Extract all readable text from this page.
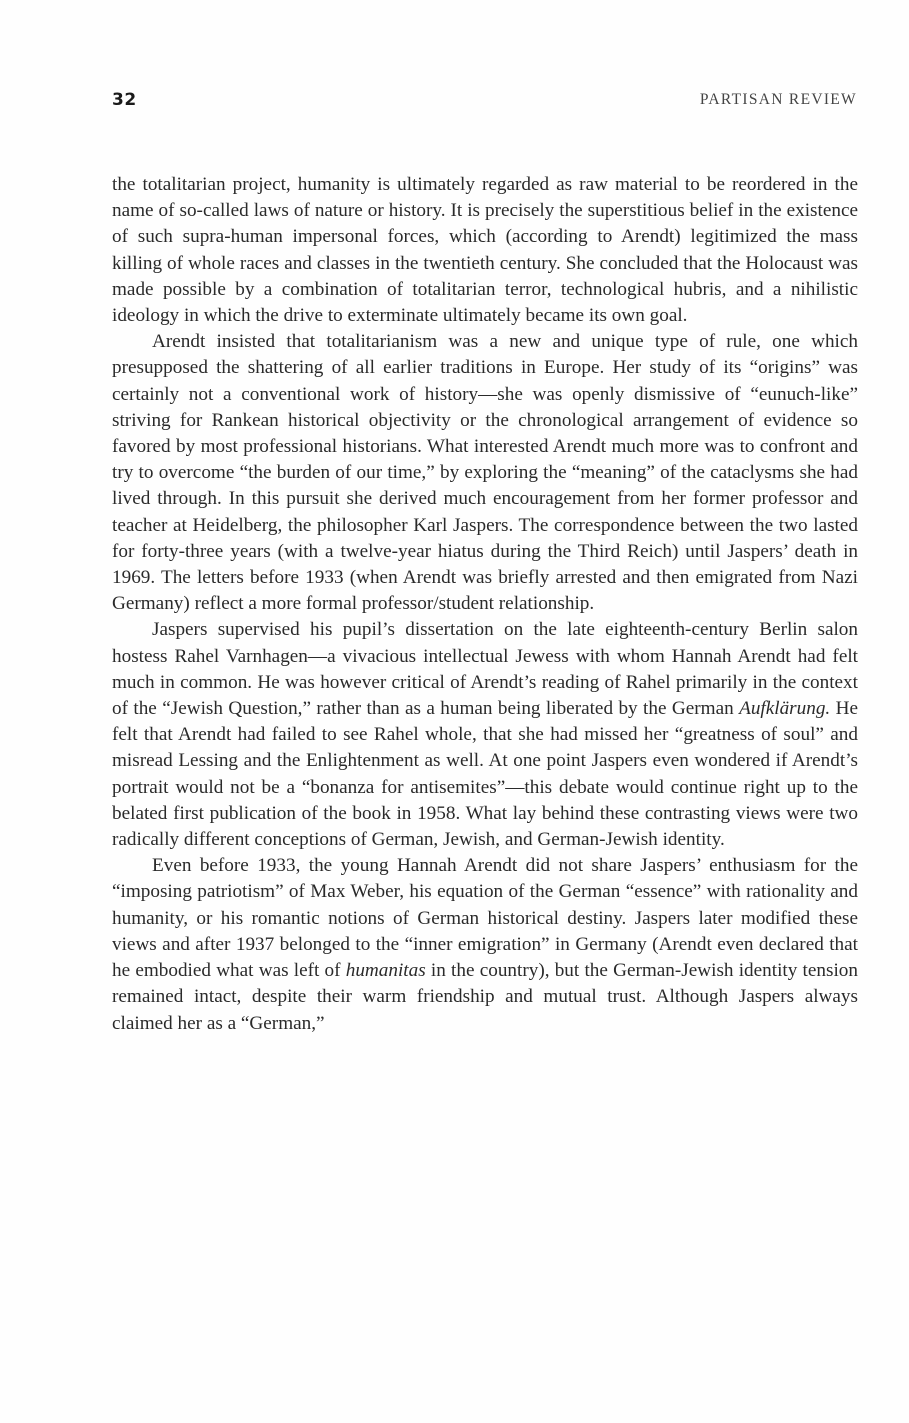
32	PARTISAN REVIEW

the totalitarian project, humanity is ultimately regarded as raw material to be reordered in the name of so-called laws of nature or history. It is precisely the superstitious belief in the existence of such supra-human impersonal forces, which (according to Arendt) legitimized the mass killing of whole races and classes in the twentieth century. She concluded that the Holocaust was made possible by a combination of totalitarian terror, technological hubris, and a nihilistic ideology in which the drive to exterminate ultimately became its own goal.

Arendt insisted that totalitarianism was a new and unique type of rule, one which presupposed the shattering of all earlier traditions in Europe. Her study of its “origins” was certainly not a conventional work of history—she was openly dismissive of “eunuch-like” striving for Rankean historical objectivity or the chronological arrangement of evidence so favored by most professional historians. What interested Arendt much more was to confront and try to overcome “the burden of our time,” by exploring the “meaning” of the cataclysms she had lived through. In this pursuit she derived much encouragement from her former professor and teacher at Heidelberg, the philosopher Karl Jaspers. The correspondence between the two lasted for forty-three years (with a twelve-year hiatus during the Third Reich) until Jaspers’ death in 1969. The letters before 1933 (when Arendt was briefly arrested and then emigrated from Nazi Germany) reflect a more formal professor/student relationship.

Jaspers supervised his pupil’s dissertation on the late eighteenth-century Berlin salon hostess Rahel Varnhagen—a vivacious intellectual Jewess with whom Hannah Arendt had felt much in common. He was however critical of Arendt’s reading of Rahel primarily in the context of the “Jewish Question,” rather than as a human being liberated by the German Aufklärung. He felt that Arendt had failed to see Rahel whole, that she had missed her “greatness of soul” and misread Lessing and the Enlightenment as well. At one point Jaspers even wondered if Arendt’s portrait would not be a “bonanza for antisemites”—this debate would continue right up to the belated first publication of the book in 1958. What lay behind these contrasting views were two radically different conceptions of German, Jewish, and German-Jewish identity.

Even before 1933, the young Hannah Arendt did not share Jaspers’ enthusiasm for the “imposing patriotism” of Max Weber, his equation of the German “essence” with rationality and humanity, or his romantic notions of German historical destiny. Jaspers later modified these views and after 1937 belonged to the “inner emigration” in Germany (Arendt even declared that he embodied what was left of humanitas in the country), but the German-Jewish identity tension remained intact, despite their warm friendship and mutual trust. Although Jaspers always claimed her as a “German,”
